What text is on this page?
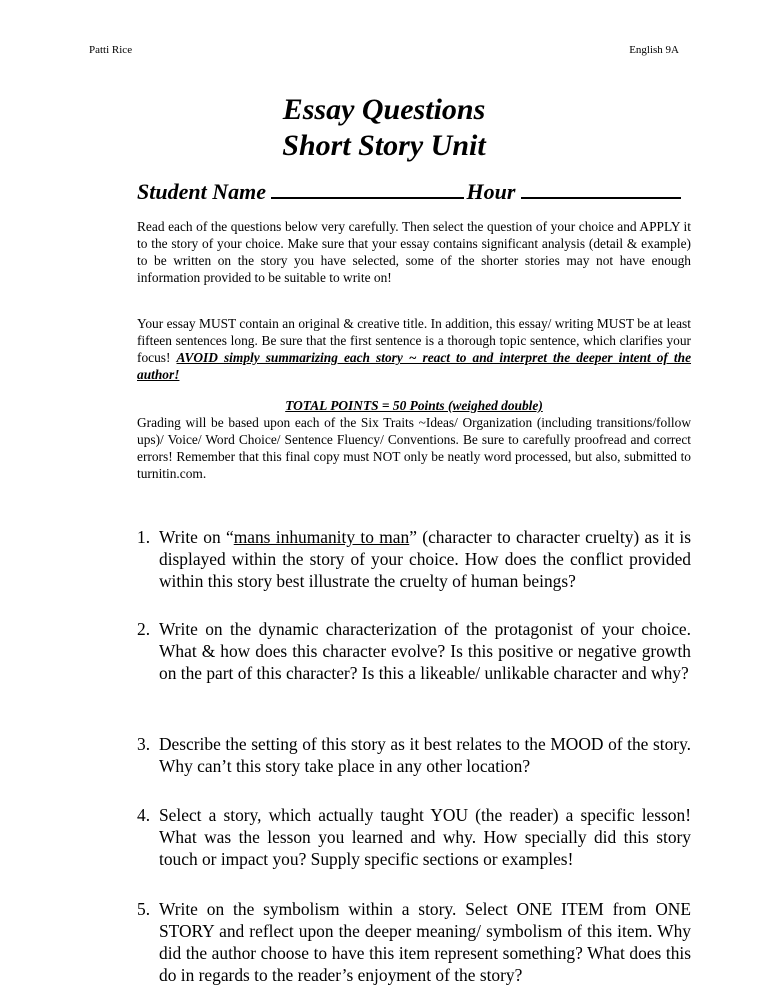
Patti Rice	English 9A
Essay Questions
Short Story Unit
Student Name	Hour

Read each of the questions below very carefully. Then select the question of your choice and APPLY it to the story of your choice. Make sure that your essay contains significant analysis (detail & example) to be written on the story you have selected, some of the shorter stories may not have enough information provided to be suitable to write on!

Your essay MUST contain an original & creative title. In addition, this essay/ writing MUST be at least fifteen sentences long. Be sure that the first sentence is a thorough topic sentence, which clarifies your focus! AVOID simply summarizing each story ~ react to and interpret the deeper intent of the author!

TOTAL POINTS = 50 Points (weighed double)

Grading will be based upon each of the Six Traits ~Ideas/ Organization (including transitions/follow ups)/ Voice/ Word Choice/ Sentence Fluency/ Conventions. Be sure to carefully proofread and correct errors! Remember that this final copy must NOT only be neatly word processed, but also, submitted to turnitin.com.

1. Write on “mans inhumanity to man” (character to character cruelty) as it is displayed within the story of your choice. How does the conflict provided within this story best illustrate the cruelty of human beings?
2. Write on the dynamic characterization of the protagonist of your choice. What & how does this character evolve? Is this positive or negative growth on the part of this character? Is this a likeable/ unlikable character and why?
3. Describe the setting of this story as it best relates to the MOOD of the story. Why can’t this story take place in any other location?
4. Select a story, which actually taught YOU (the reader) a specific lesson! What was the lesson you learned and why. How specially did this story touch or impact you? Supply specific sections or examples!
5. Write on the symbolism within a story. Select ONE ITEM from ONE STORY and reflect upon the deeper meaning/ symbolism of this item. Why did the author choose to have this item represent something? What does this do in regards to the reader’s enjoyment of the story?
